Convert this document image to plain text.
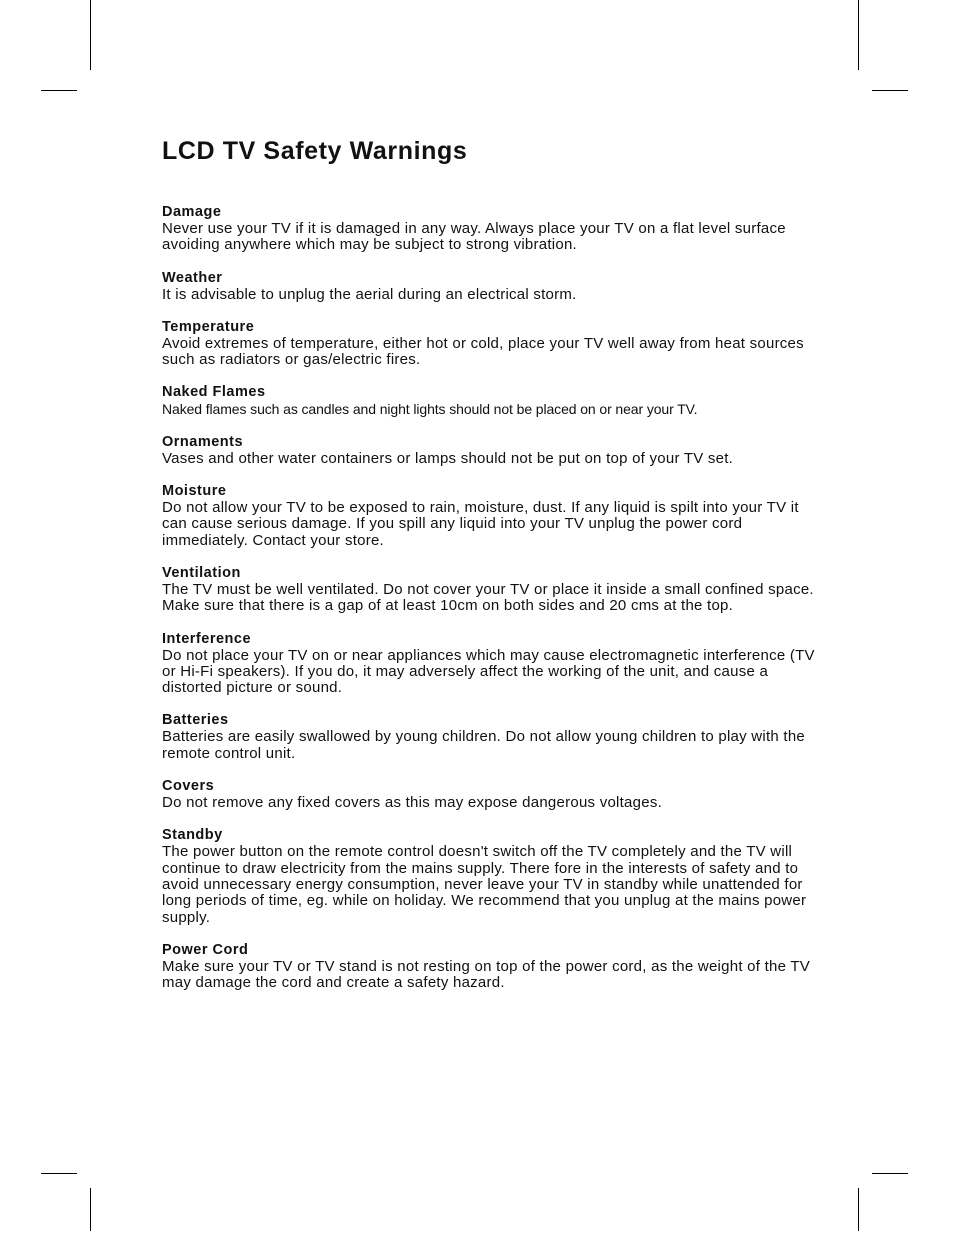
LCD TV Safety Warnings
Damage

Never use your TV if it is damaged in any way. Always place your TV on a flat level surface avoiding anywhere which may be subject to strong vibration.

Weather

It is advisable to unplug the aerial during an electrical storm.

Temperature

Avoid extremes of temperature, either hot or cold, place your TV well away from heat sources such as radiators or gas/electric fires.

Naked Flames

Naked flames such as candles and night lights should not be placed on or near your TV.

Ornaments

Vases and other water containers or lamps should not be put on top of your TV set.

Moisture

Do not allow your TV to be exposed to rain, moisture, dust. If any liquid is spilt into your TV it can cause serious damage. If you spill any liquid into your TV unplug the power cord immediately. Contact your store.

Ventilation

The TV must be well ventilated. Do not cover your TV or place it inside a small confined space. Make sure that there is a gap of at least 10cm on both sides and 20 cms at the top.

Interference

Do not place your TV on or near appliances which may cause electromagnetic interference (TV or Hi-Fi speakers). If you do, it may adversely affect the working of the unit, and cause a distorted picture or sound.

Batteries

Batteries are easily swallowed by young children. Do not allow young children to play with the remote control unit.

Covers

Do not remove any fixed covers as this may expose dangerous voltages.

Standby

The power button on the remote control doesn't switch off the TV completely and the TV will continue to draw electricity from the mains supply. There fore in the interests of safety and to avoid unnecessary energy consumption, never leave your TV in standby while unattended for long periods of time, eg. while on holiday. We recommend that you unplug at the mains power supply.

Power Cord

Make sure your TV or TV stand is not resting on top of the power cord, as the weight of the TV may damage the cord and create a safety hazard.
